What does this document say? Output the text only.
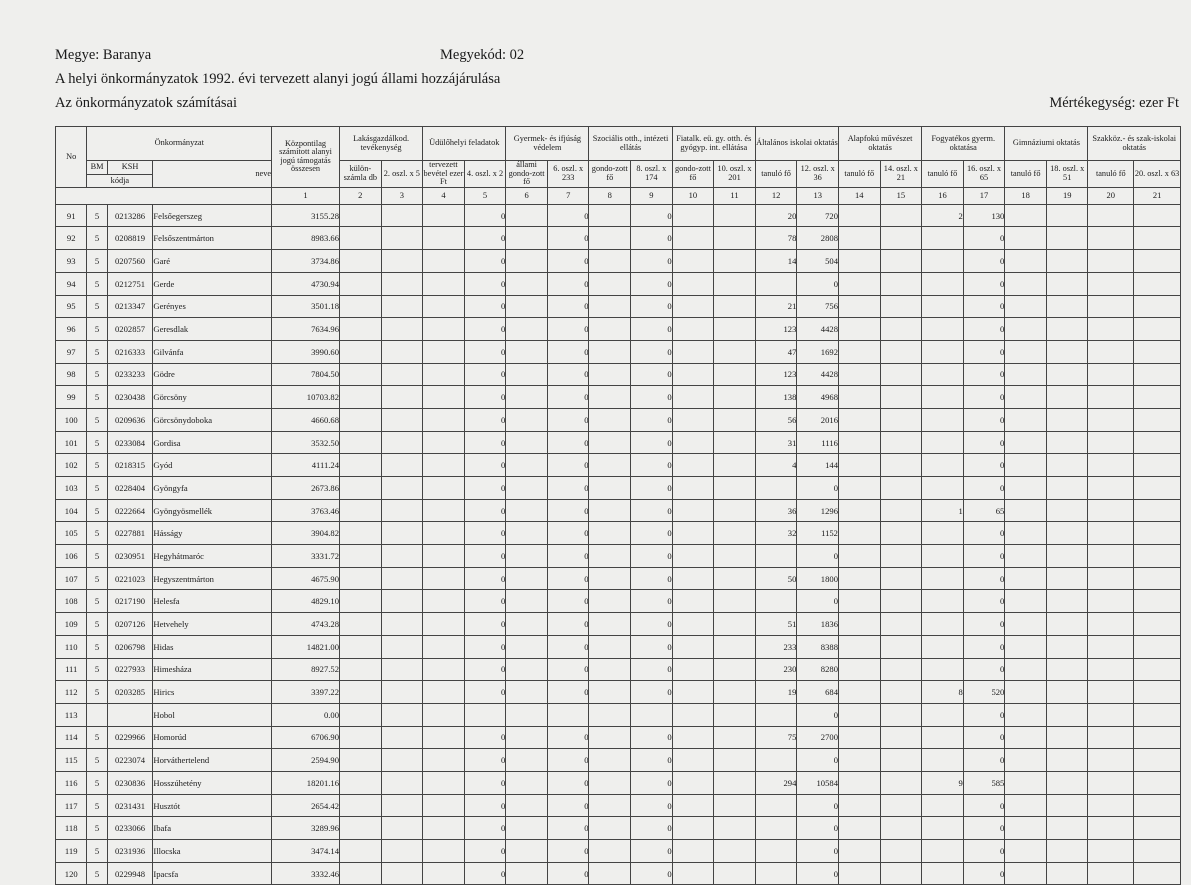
Megye: Baranya	Megyekód: 02
A helyi önkormányzatok 1992. évi tervezett alanyi jogú állami hozzájárulása
Az önkormányzatok számításai	Mértékegység: ezer Ft
No	Önkormányzat			Központilag számított alanyi jogú támogatás összesen	Lakásgazdálkod. tevékenység		Üdülőhelyi feladatok		Gyermek- és ifjúság védelem		Szociális otth., intézeti ellátás		Fiatalk. eü. gy. otth. és gyógyp. int. ellátása		Általános iskolai oktatás		Alapfokú művészet oktatás		Fogyatékos gyerm. oktatása		Gimnáziumi oktatás		Szakköz.- és szak-iskolai oktatás	
	BM	KSH	neve		külön-számla db	2. oszl. x 5	tervezett bevétel ezer Ft	4. oszl. x 2	állami gondo-zott fő	6. oszl. x 233	gondo-zott fő	8. oszl. x 174	gondo-zott fő	10. oszl. x 201	tanuló fő	12. oszl. x 36	tanuló fő	14. oszl. x 21	tanuló fő	16. oszl. x 65	tanuló fő	18. oszl. x 51	tanuló fő	20. oszl. x 63
	kódja																							
				1	2	3	4	5	6	7	8	9	10	11	12	13	14	15	16	17	18	19	20	21
91	5	0213286	Felsőegerszeg	3155.28				0		0		0			20	720			2	130				
92	5	0208819	Felsőszentmárton	8983.66				0		0		0			78	2808				0				
93	5	0207560	Garé	3734.86				0		0		0			14	504				0				
94	5	0212751	Gerde	4730.94				0		0		0				0				0				
95	5	0213347	Gerényes	3501.18				0		0		0			21	756				0				
96	5	0202857	Geresdlak	7634.96				0		0		0			123	4428				0				
97	5	0216333	Gilvánfa	3990.60				0		0		0			47	1692				0				
98	5	0233233	Gödre	7804.50				0		0		0			123	4428				0				
99	5	0230438	Görcsöny	10703.82				0		0		0			138	4968				0				
100	5	0209636	Görcsönydoboka	4660.68				0		0		0			56	2016				0				
101	5	0233084	Gordisa	3532.50				0		0		0			31	1116				0				
102	5	0218315	Gyód	4111.24				0		0		0			4	144				0				
103	5	0228404	Gyöngyfa	2673.86				0		0		0				0				0				
104	5	0222664	Gyöngyösmellék	3763.46				0		0		0			36	1296			1	65				
105	5	0227881	Hásságy	3904.82				0		0		0			32	1152				0				
106	5	0230951	Hegyhátmaróc	3331.72				0		0		0				0				0				
107	5	0221023	Hegyszentmárton	4675.90				0		0		0			50	1800				0				
108	5	0217190	Helesfa	4829.10				0		0		0				0				0				
109	5	0207126	Hetvehely	4743.28				0		0		0			51	1836				0				
110	5	0206798	Hidas	14821.00				0		0		0			233	8388				0				
111	5	0227933	Himesháza	8927.52				0		0		0			230	8280				0				
112	5	0203285	Hirics	3397.22				0		0		0			19	684			8	520				
113			Hobol	0.00												0				0				
114	5	0229966	Homorúd	6706.90				0		0		0			75	2700				0				
115	5	0223074	Horváthertelend	2594.90				0		0		0				0				0				
116	5	0230836	Hosszúhetény	18201.16				0		0		0			294	10584			9	585				
117	5	0231431	Husztót	2654.42				0		0		0				0				0				
118	5	0233066	Ibafa	3289.96				0		0		0				0				0				
119	5	0231936	Illocska	3474.14				0		0		0				0				0				
120	5	0229948	Ipacsfa	3332.46				0		0		0				0				0				
